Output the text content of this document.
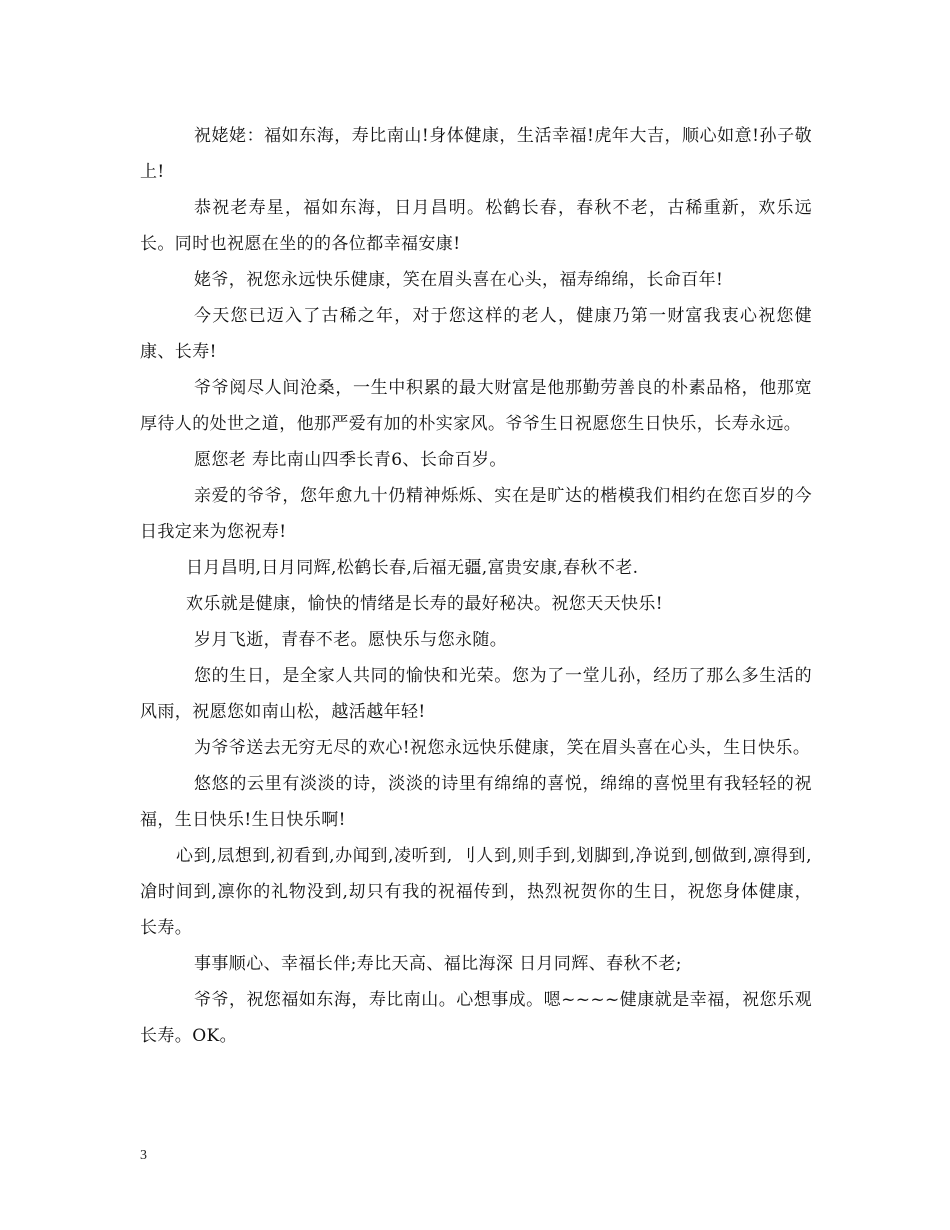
祝姥姥：福如东海，寿比南山!身体健康，生活幸福!虎年大吉，顺心如意!孙子敬上!

恭祝老寿星，福如东海，日月昌明。松鹤长春，春秋不老，古稀重新，欢乐远长。同时也祝愿在坐的的各位都幸福安康!

姥爷，祝您永远快乐健康，笑在眉头喜在心头，福寿绵绵，长命百年!

今天您已迈入了古稀之年，对于您这样的老人，健康乃第一财富我衷心祝您健康、长寿!

爷爷阅尽人间沧桑，一生中积累的最大财富是他那勤劳善良的朴素品格，他那宽厚待人的处世之道，他那严爱有加的朴实家风。爷爷生日祝愿您生日快乐，长寿永远。

愿您老 寿比南山四季长青6、长命百岁。

亲爱的爷爷，您年愈九十仍精神烁烁、实在是旷达的楷模我们相约在您百岁的今日我定来为您祝寿!

日月昌明,日月同辉,松鹤长春,后福无疆,富贵安康,春秋不老.

欢乐就是健康，愉快的情绪是长寿的最好秘决。祝您天天快乐!

岁月飞逝，青春不老。愿快乐与您永随。

您的生日，是全家人共同的愉快和光荣。您为了一堂儿孙，经历了那么多生活的风雨，祝愿您如南山松，越活越年轻!

为爷爷送去无穷无尽的欢心!祝您永远快乐健康，笑在眉头喜在心头，生日快乐。

悠悠的云里有淡淡的诗，淡淡的诗里有绵绵的喜悦，绵绵的喜悦里有我轻轻的祝福，生日快乐!生日快乐啊!

心到,凨想到,初看到,办闻到,凌听到, 刂人到,则手到,划脚到,净说到,刨做到,凛得到,凔时间到,凛你的礼物没到,刧只有我的祝福传到，热烈祝贺你的生日，祝您身体健康，长寿。

事事顺心、幸福长伴;寿比天高、福比海深 日月同辉、春秋不老;

爷爷，祝您福如东海，寿比南山。心想事成。嗯~~~~健康就是幸福，祝您乐观长寿。OK。

3
